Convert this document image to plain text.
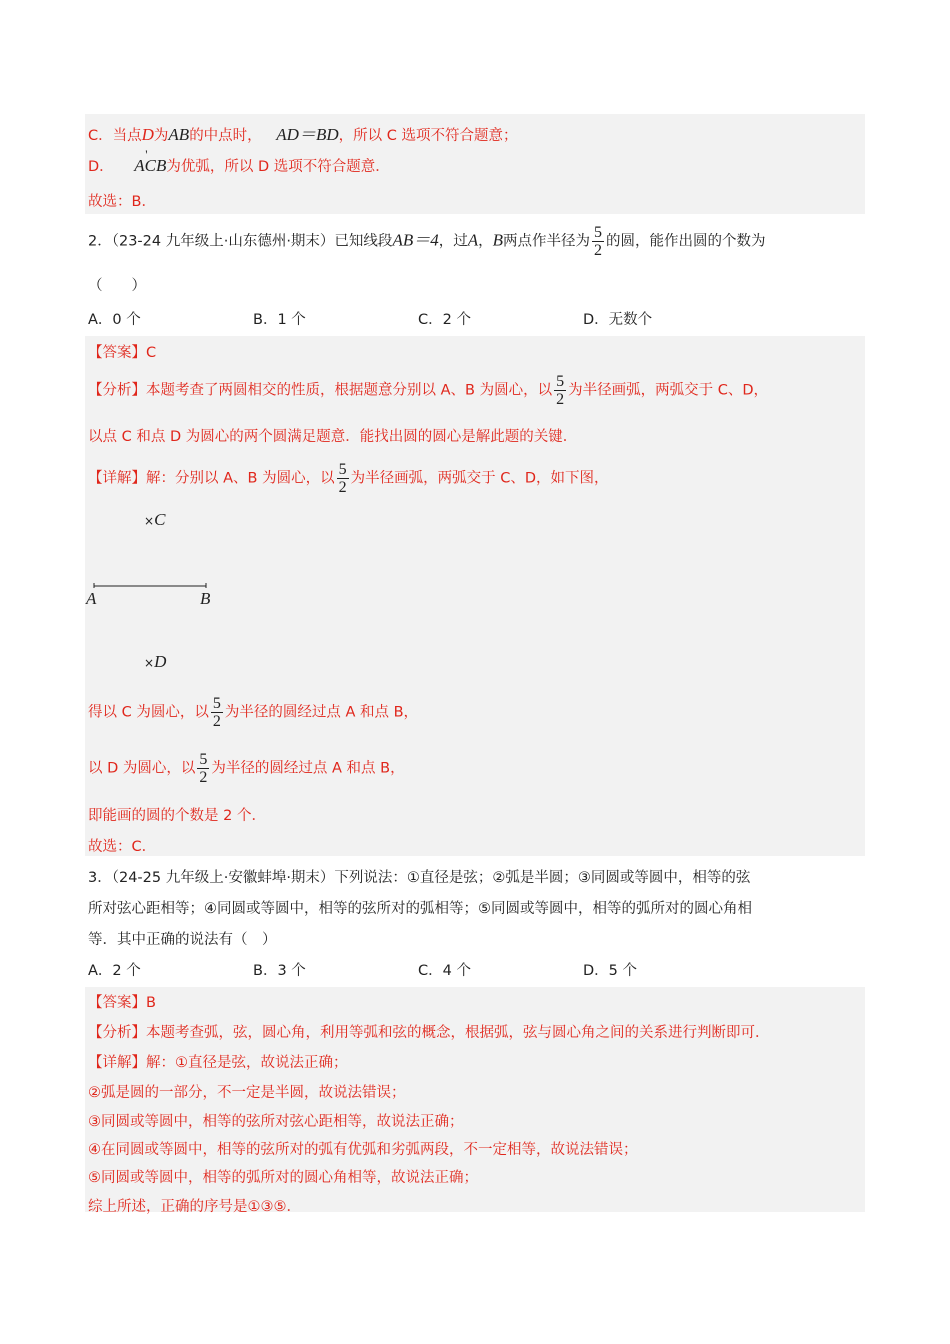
C．当点D为AB的中点时， AD＝BD，所以 C 选项不符合题意；
D． ' ACB为优弧，所以 D 选项不符合题意．
故选：B．
2．（23-24 九年级上·山东德州·期末）已知线段AB＝4，过A，B两点作半径为 $\frac{5}{2}$ 的圆，能作出圆的个数为
（　　）
A．0 个	B．1 个	C．2 个	D．无数个
【答案】C
【分析】本题考查了两圆相交的性质，根据题意分别以 A、B 为圆心，以 $\frac{5}{2}$ 为半径画弧，两弧交于 C、D，
以点 C 和点 D 为圆心的两个圆满足题意．能找出圆的圆心是解此题的关键．
【详解】解：分别以 A、B 为圆心，以 $\frac{5}{2}$ 为半径画弧，两弧交于 C、D，如下图，
×C
A	B
×D
得以 C 为圆心，以 $\frac{5}{2}$ 为半径的圆经过点 A 和点 B，
以 D 为圆心，以 $\frac{5}{2}$ 为半径的圆经过点 A 和点 B，
即能画的圆的个数是 2 个．
故选：C．
3．（24-25 九年级上·安徽蚌埠·期末）下列说法：①直径是弦；②弧是半圆；③同圆或等圆中，相等的弦
所对弦心距相等；④同圆或等圆中，相等的弦所对的弧相等；⑤同圆或等圆中，相等的弧所对的圆心角相
等．其中正确的说法有（　）
A．2 个	B．3 个	C．4 个	D．5 个
【答案】B
【分析】本题考查弧，弦，圆心角，利用等弧和弦的概念，根据弧，弦与圆心角之间的关系进行判断即可．
【详解】解：①直径是弦，故说法正确；
②弧是圆的一部分，不一定是半圆，故说法错误；
③同圆或等圆中，相等的弦所对弦心距相等，故说法正确；
④在同圆或等圆中，相等的弦所对的弧有优弧和劣弧两段，不一定相等，故说法错误；
⑤同圆或等圆中，相等的弧所对的圆心角相等，故说法正确；
综上所述，正确的序号是①③⑤．
